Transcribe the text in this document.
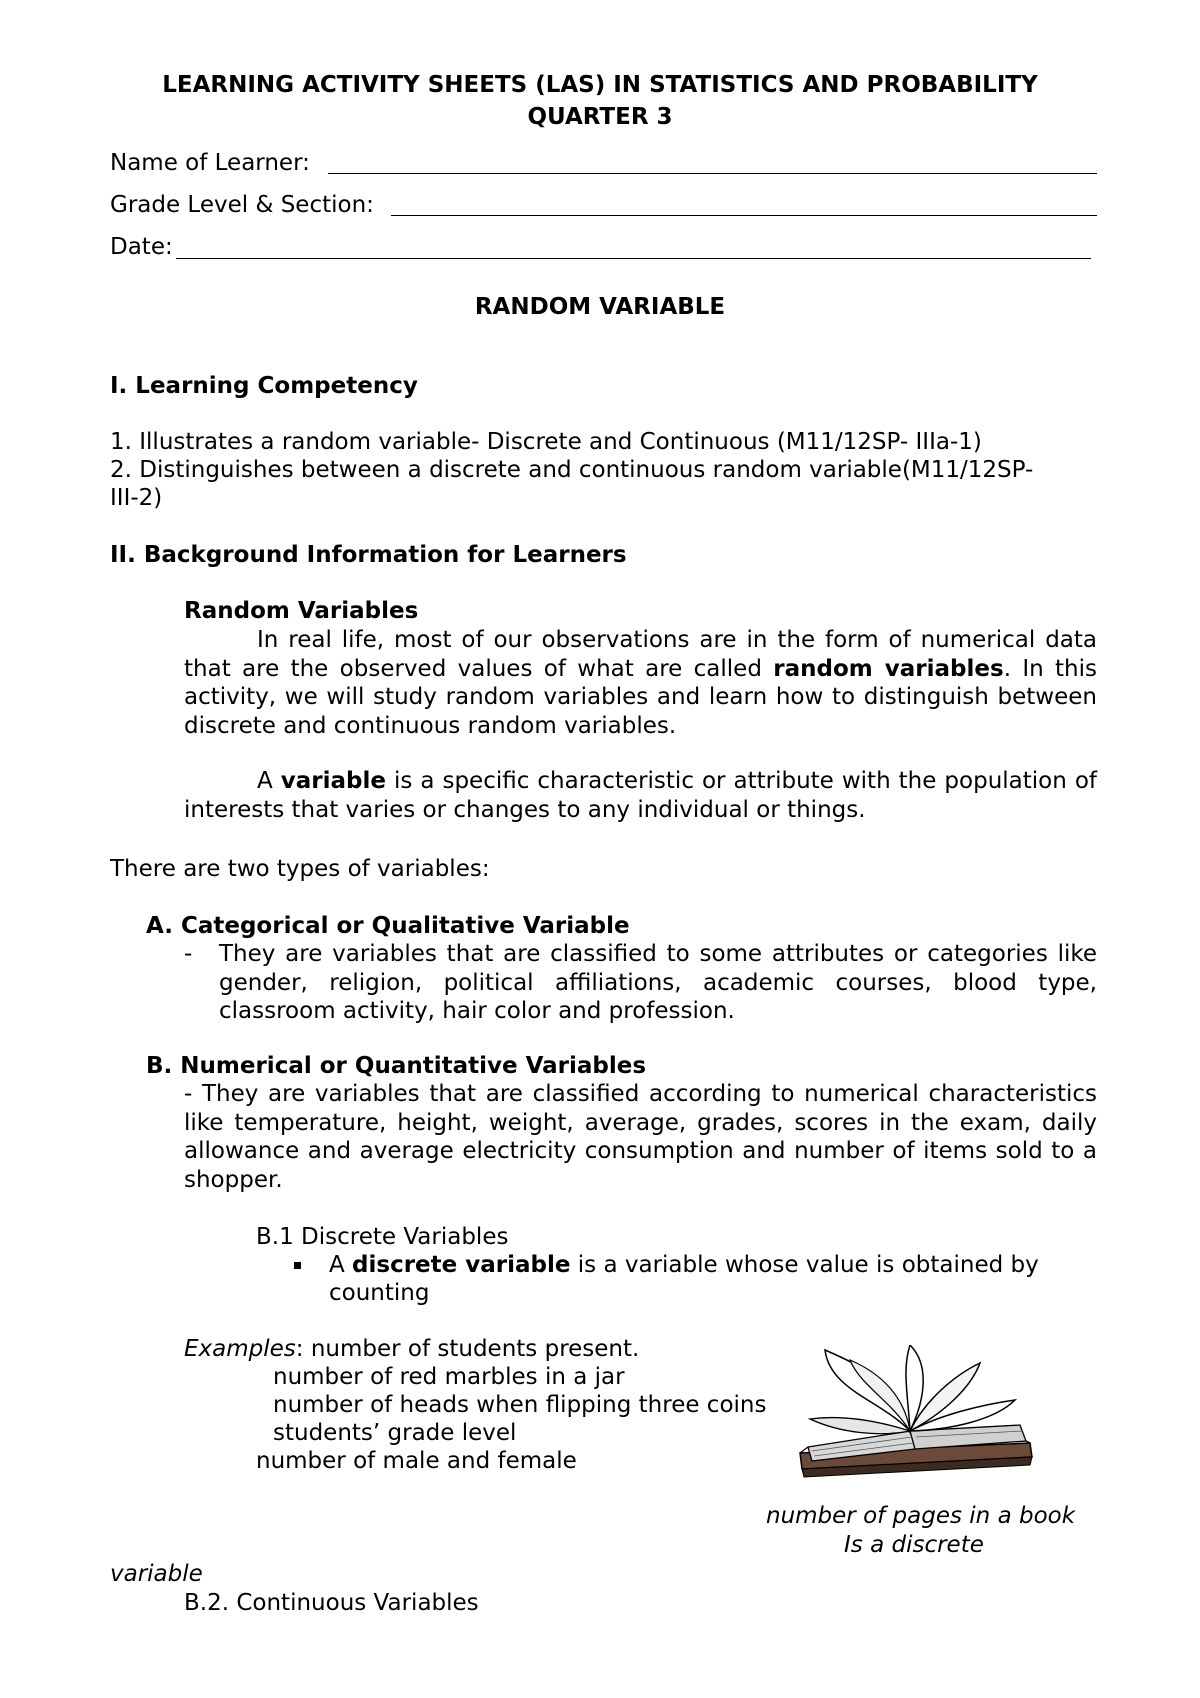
LEARNING ACTIVITY SHEETS (LAS) IN STATISTICS AND PROBABILITY
QUARTER 3
Name of Learner:
Grade Level & Section:
Date:
RANDOM VARIABLE
I. Learning Competency
1. Illustrates a random variable- Discrete and Continuous (M11/12SP- IIIa-1)
2. Distinguishes between a discrete and continuous random variable(M11/12SP-
III-2)
II. Background Information for Learners
Random Variables

In real life, most of our observations are in the form of numerical data that are the observed values of what are called random variables. In this activity, we will study random variables and learn how to distinguish between discrete and continuous random variables.

A variable is a specific characteristic or attribute with the population of interests that varies or changes to any individual or things.

There are two types of variables:
A. Categorical or Qualitative Variable
- They are variables that are classified to some attributes or categories like gender, religion, political affiliations, academic courses, blood type, classroom activity, hair color and profession.

B. Numerical or Quantitative Variables

- They are variables that are classified according to numerical characteristics like temperature, height, weight, average, grades, scores in the exam, daily allowance and average electricity consumption and number of items sold to a shopper.

B.1 Discrete Variables
A discrete variable is a variable whose value is obtained by
counting
Examples: number of students present.
number of red marbles in a jar
number of heads when flipping three coins
students’ grade level
number of male and female
number of pages in a book
Is a discrete
variable
B.2. Continuous Variables
